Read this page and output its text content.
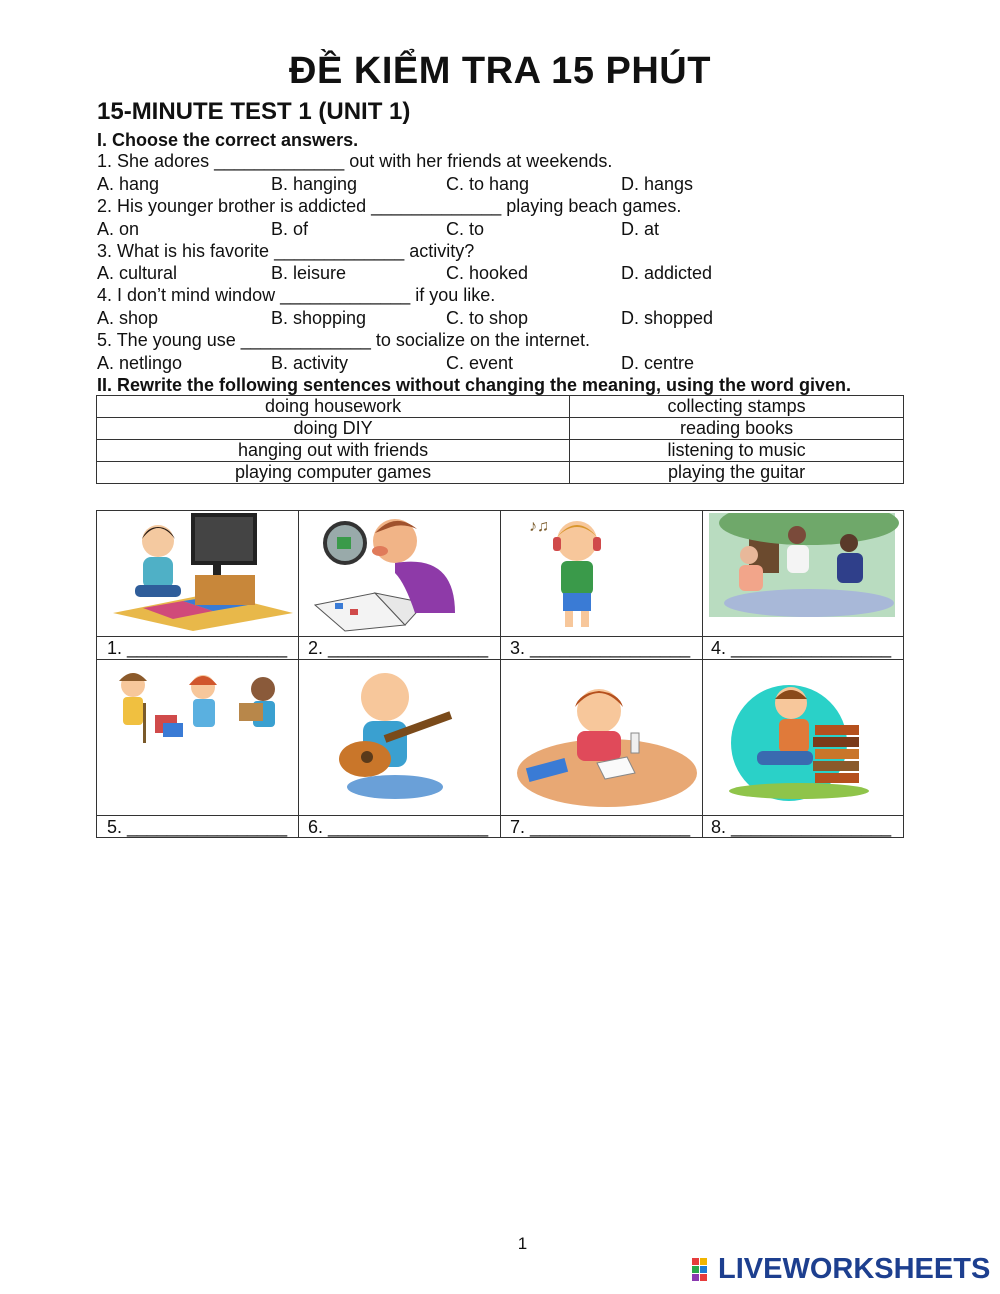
ĐỀ KIỂM TRA 15 PHÚT
15-MINUTE TEST 1 (UNIT 1)
I. Choose the correct answers.
1. She adores _____________ out with her friends at weekends.
A. hang	B. hanging	C. to hang	D. hangs
2. His younger brother is addicted _____________ playing beach games.
A. on	B. of	C. to	D. at
3. What is his favorite _____________ activity?
A. cultural	B. leisure	C. hooked	D. addicted
4. I don’t mind window _____________ if you like.
A. shop	B. shopping	C. to shop	D. shopped
5. The young use _____________ to socialize on the internet.
A. netlingo	B. activity	C. event	D. centre
II. Rewrite the following sentences without changing the meaning, using the word given.
doing housework	collecting stamps
doing DIY	reading books
hanging out with friends	listening to music
playing computer games	playing the guitar
♪♫
1. ________________ 2. ________________ 3. ________________ 4. ________________
5. ________________ 6. ________________ 7. ________________ 8. ________________
1
LIVEWORKSHEETS
